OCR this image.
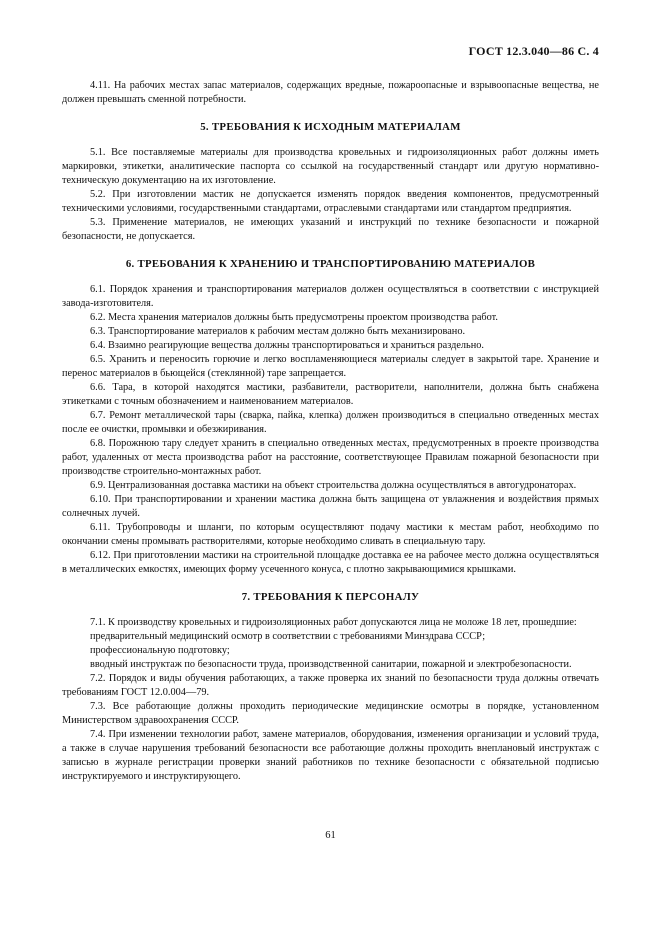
ГОСТ 12.3.040—86 С. 4

4.11. На рабочих местах запас материалов, содержащих вредные, пожароопасные и взрывоопасные вещества, не должен превышать сменной потребности.

5. ТРЕБОВАНИЯ К ИСХОДНЫМ МАТЕРИАЛАМ

5.1. Все поставляемые материалы для производства кровельных и гидроизоляционных работ должны иметь маркировки, этикетки, аналитические паспорта со ссылкой на государственный стандарт или другую нормативно-техническую документацию на их изготовление.

5.2. При изготовлении мастик не допускается изменять порядок введения компонентов, предусмотренный техническими условиями, государственными стандартами, отраслевыми стандартами или стандартом предприятия.

5.3. Применение материалов, не имеющих указаний и инструкций по технике безопасности и пожарной безопасности, не допускается.

6. ТРЕБОВАНИЯ К ХРАНЕНИЮ И ТРАНСПОРТИРОВАНИЮ МАТЕРИАЛОВ

6.1. Порядок хранения и транспортирования материалов должен осуществляться в соответствии с инструкцией завода-изготовителя.

6.2. Места хранения материалов должны быть предусмотрены проектом производства работ.

6.3. Транспортирование материалов к рабочим местам должно быть механизировано.

6.4. Взаимно реагирующие вещества должны транспортироваться и храниться раздельно.

6.5. Хранить и переносить горючие и легко воспламеняющиеся материалы следует в закрытой таре. Хранение и перенос материалов в бьющейся (стеклянной) таре запрещается.

6.6. Тара, в которой находятся мастики, разбавители, растворители, наполнители, должна быть снабжена этикетками с точным обозначением и наименованием материалов.

6.7. Ремонт металлической тары (сварка, пайка, клепка) должен производиться в специально отведенных местах после ее очистки, промывки и обезжиривания.

6.8. Порожнюю тару следует хранить в специально отведенных местах, предусмотренных в проекте производства работ, удаленных от места производства работ на расстояние, соответствующее Правилам пожарной безопасности при производстве строительно-монтажных работ.

6.9. Централизованная доставка мастики на объект строительства должна осуществляться в автогудронаторах.

6.10. При транспортировании и хранении мастика должна быть защищена от увлажнения и воздействия прямых солнечных лучей.

6.11. Трубопроводы и шланги, по которым осуществляют подачу мастики к местам работ, необходимо по окончании смены промывать растворителями, которые необходимо сливать в специальную тару.

6.12. При приготовлении мастики на строительной площадке доставка ее на рабочее место должна осуществляться в металлических емкостях, имеющих форму усеченного конуса, с плотно закрывающимися крышками.

7. ТРЕБОВАНИЯ К ПЕРСОНАЛУ

7.1. К производству кровельных и гидроизоляционных работ допускаются лица не моложе 18 лет, прошедшие:

предварительный медицинский осмотр в соответствии с требованиями Минздрава СССР;

профессиональную подготовку;

вводный инструктаж по безопасности труда, производственной санитарии, пожарной и электробезопасности.

7.2. Порядок и виды обучения работающих, а также проверка их знаний по безопасности труда должны отвечать требованиям ГОСТ 12.0.004—79.

7.3. Все работающие должны проходить периодические медицинские осмотры в порядке, установленном Министерством здравоохранения СССР.

7.4. При изменении технологии работ, замене материалов, оборудования, изменения организации и условий труда, а также в случае нарушения требований безопасности все работающие должны проходить внеплановый инструктаж с записью в журнале регистрации проверки знаний работников по технике безопасности с обязательной подписью инструктируемого и инструктирующего.

61
